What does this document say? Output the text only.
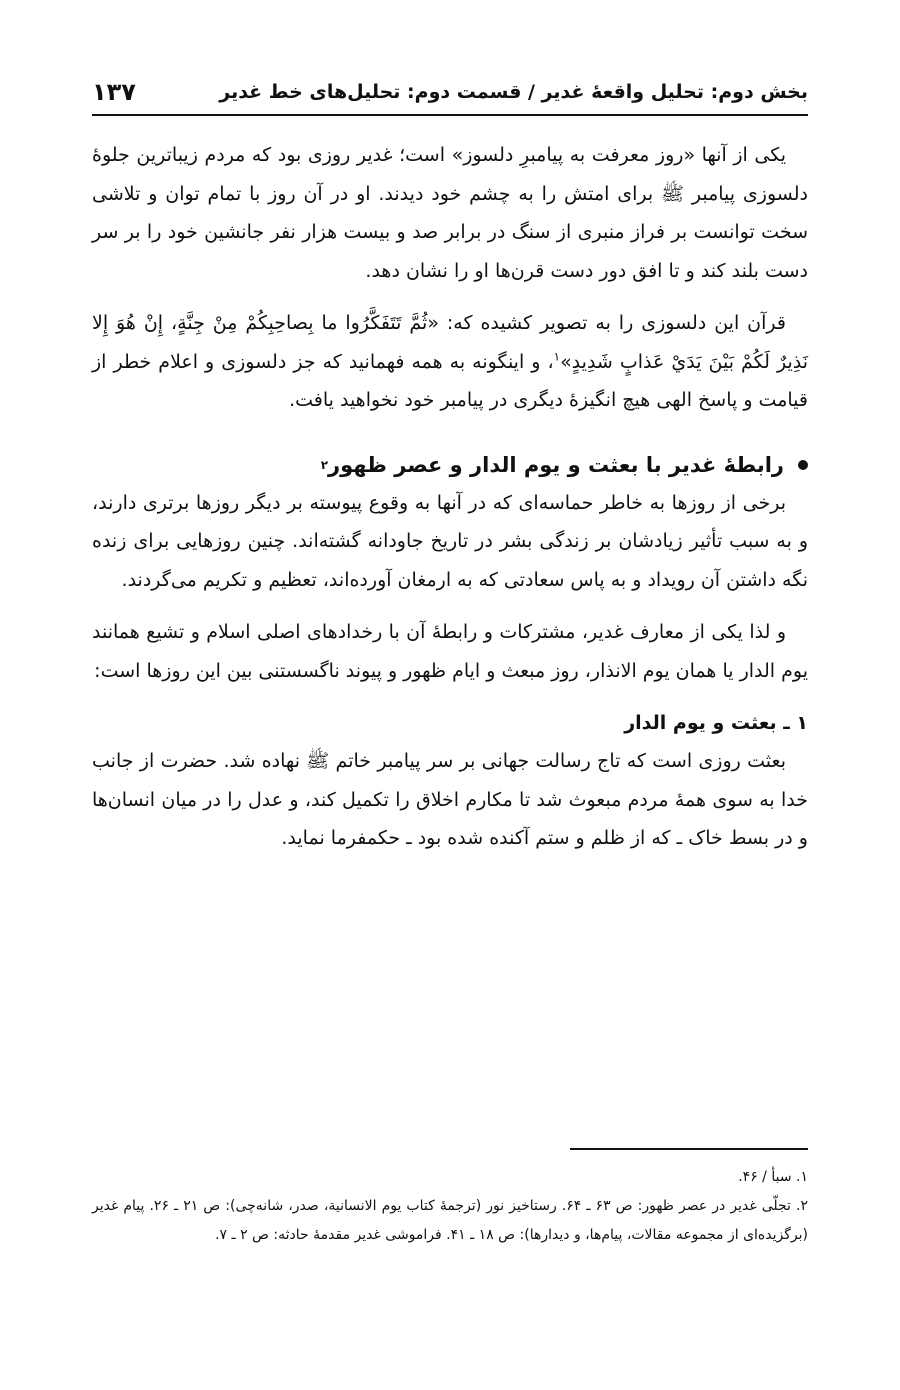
بخش دوم: تحلیل واقعهٔ غدیر / قسمت دوم: تحلیل‌های خط غدیر
۱۳۷

یکی از آنها «روز معرفت به پیامبرِ دلسوز» است؛ غدیر روزی بود که مردم زیباترین جلوهٔ دلسوزی پیامبر ﷺ برای امتش را به چشم خود دیدند. او در آن روز با تمام توان و تلاشی سخت توانست بر فراز منبری از سنگ در برابر صد و بیست هزار نفر جانشین خود را بر سر دست بلند کند و تا افق دور دست قرن‌ها او را نشان دهد.

قرآن این دلسوزی را به تصویر کشیده که: «ثُمَّ تَتَفَكَّرُوا ما بِصاحِبِكُمْ مِنْ جِنَّةٍ، إِنْ هُوَ إِلا نَذِيرٌ لَكُمْ بَيْنَ يَدَيْ عَذابٍ شَدِيدٍ»$^۱$، و اینگونه به همه فهمانید که جز دلسوزی و اعلام خطر از قیامت و پاسخ الهی هیچ انگیزهٔ دیگری در پیامبر خود نخواهید یافت.

رابطهٔ غدیر با بعثت و یوم الدار و عصر ظهور
۲

برخی از روزها به خاطر حماسه‌ای که در آنها به وقوع پیوسته بر دیگر روزها برتری دارند، و به سبب تأثیر زیادشان بر زندگی بشر در تاریخ جاودانه گشته‌اند. چنین روزهایی برای زنده نگه داشتن آن رویداد و به پاس سعادتی که به ارمغان آورده‌اند، تعظیم و تکریم می‌گردند.

و لذا یکی از معارف غدیر، مشترکات و رابطهٔ آن با رخدادهای اصلی اسلام و تشیع همانند یوم الدار یا همان یوم الانذار، روز مبعث و ایام ظهور و پیوند ناگسستنی بین این روزها است:

۱ ـ بعثت و یوم الدار

بعثت روزی است که تاج رسالت جهانی بر سر پیامبر خاتم ﷺ نهاده شد. حضرت از جانب خدا به سوی همهٔ مردم مبعوث شد تا مکارم اخلاق را تکمیل کند، و عدل را در میان انسان‌ها و در بسط خاک ـ که از ظلم و ستم آکنده شده بود ـ حکمفرما نماید.

۱. سبأ / ۴۶.

۲. تجلّی غدیر در عصر ظهور: ص ۶۳ ـ ۶۴. رستاخیز نور (ترجمهٔ کتاب یوم الانسانیة، صدر، شانه‌چی): ص ۲۱ ـ ۲۶. پیام غدیر (برگزیده‌ای از مجموعه مقالات، پیام‌ها، و دیدارها): ص ۱۸ ـ ۴۱. فراموشی غدیر مقدمهٔ حادثه: ص ۲ ـ ۷.
